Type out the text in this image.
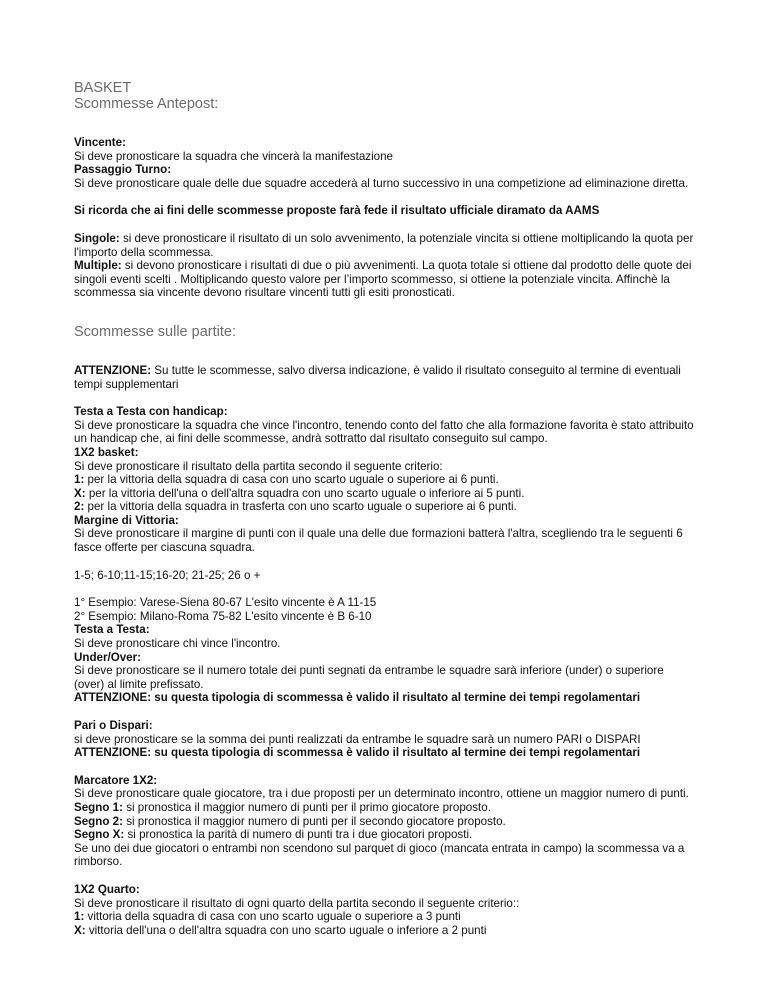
BASKET
Scommesse Antepost:

Vincente:
Si deve pronosticare la squadra che vincerà la manifestazione
Passaggio Turno:
Si deve pronosticare quale delle due squadre accederà al turno successivo in una competizione ad eliminazione diretta.

Si ricorda che ai fini delle scommesse proposte farà fede il risultato ufficiale diramato da AAMS

Singole: si deve pronosticare il risultato di un solo avvenimento, la potenziale vincita si ottiene moltiplicando la quota per l'importo della scommessa.
Multiple: si devono pronosticare i risultati di due o più avvenimenti. La quota totale si ottiene dal prodotto delle quote dei singoli eventi scelti . Moltiplicando questo valore per l’importo scommesso, si ottiene la potenziale vincita. Affinchè la scommessa sia vincente devono risultare vincenti tutti gli esiti pronosticati.

Scommesse sulle partite:

ATTENZIONE: Su tutte le scommesse, salvo diversa indicazione, è valido il risultato conseguito al termine di eventuali tempi supplementari

Testa a Testa con handicap:
Si deve pronosticare la squadra che vince l'incontro, tenendo conto del fatto che alla formazione favorita è stato attribuito un handicap che, ai fini delle scommesse, andrà sottratto dal risultato conseguito sul campo.
1X2 basket:
Si deve pronosticare il risultato della partita secondo il seguente criterio:
1: per la vittoria della squadra di casa con uno scarto uguale o superiore ai 6 punti.
X: per la vittoria dell'una o dell'altra squadra con uno scarto uguale o inferiore ai 5 punti.
2: per la vittoria della squadra in trasferta con uno scarto uguale o superiore ai 6 punti.
Margine di Vittoria:
Si deve pronosticare il margine di punti con il quale una delle due formazioni batterà l'altra, scegliendo tra le seguenti 6 fasce offerte per ciascuna squadra.

1-5; 6-10;11-15;16-20; 21-25; 26 o +

1° Esempio: Varese-Siena 80-67 L'esito vincente è A 11-15
2° Esempio: Milano-Roma 75-82 L'esito vincente è B 6-10
Testa a Testa:
Si deve pronosticare chi vince l'incontro.
Under/Over:
Si deve pronosticare se il numero totale dei punti segnati da entrambe le squadre sarà inferiore (under) o superiore (over) al limite prefissato.
ATTENZIONE: su questa tipologia di scommessa è valido il risultato al termine dei tempi regolamentari

Pari o Dispari:
si deve pronosticare se la somma dei punti realizzati da entrambe le squadre sarà un numero PARI o DISPARI
ATTENZIONE: su questa tipologia di scommessa è valido il risultato al termine dei tempi regolamentari

Marcatore 1X2:
Si deve pronosticare quale giocatore, tra i due proposti per un determinato incontro, ottiene un maggior numero di punti.
Segno 1: si pronostica il maggior numero di punti per il primo giocatore proposto.
Segno 2: si pronostica il maggior numero di punti per il secondo giocatore proposto.
Segno X: si pronostica la parità di numero di punti tra i due giocatori proposti.
Se uno dei due giocatori o entrambi non scendono sul parquet di gioco (mancata entrata in campo) la scommessa va a rimborso.

1X2 Quarto:
Si deve pronosticare il risultato di ogni quarto della partita secondo il seguente criterio::
1: vittoria della squadra di casa con uno scarto uguale o superiore a 3 punti
X: vittoria dell'una o dell'altra squadra con uno scarto uguale o inferiore a 2 punti
